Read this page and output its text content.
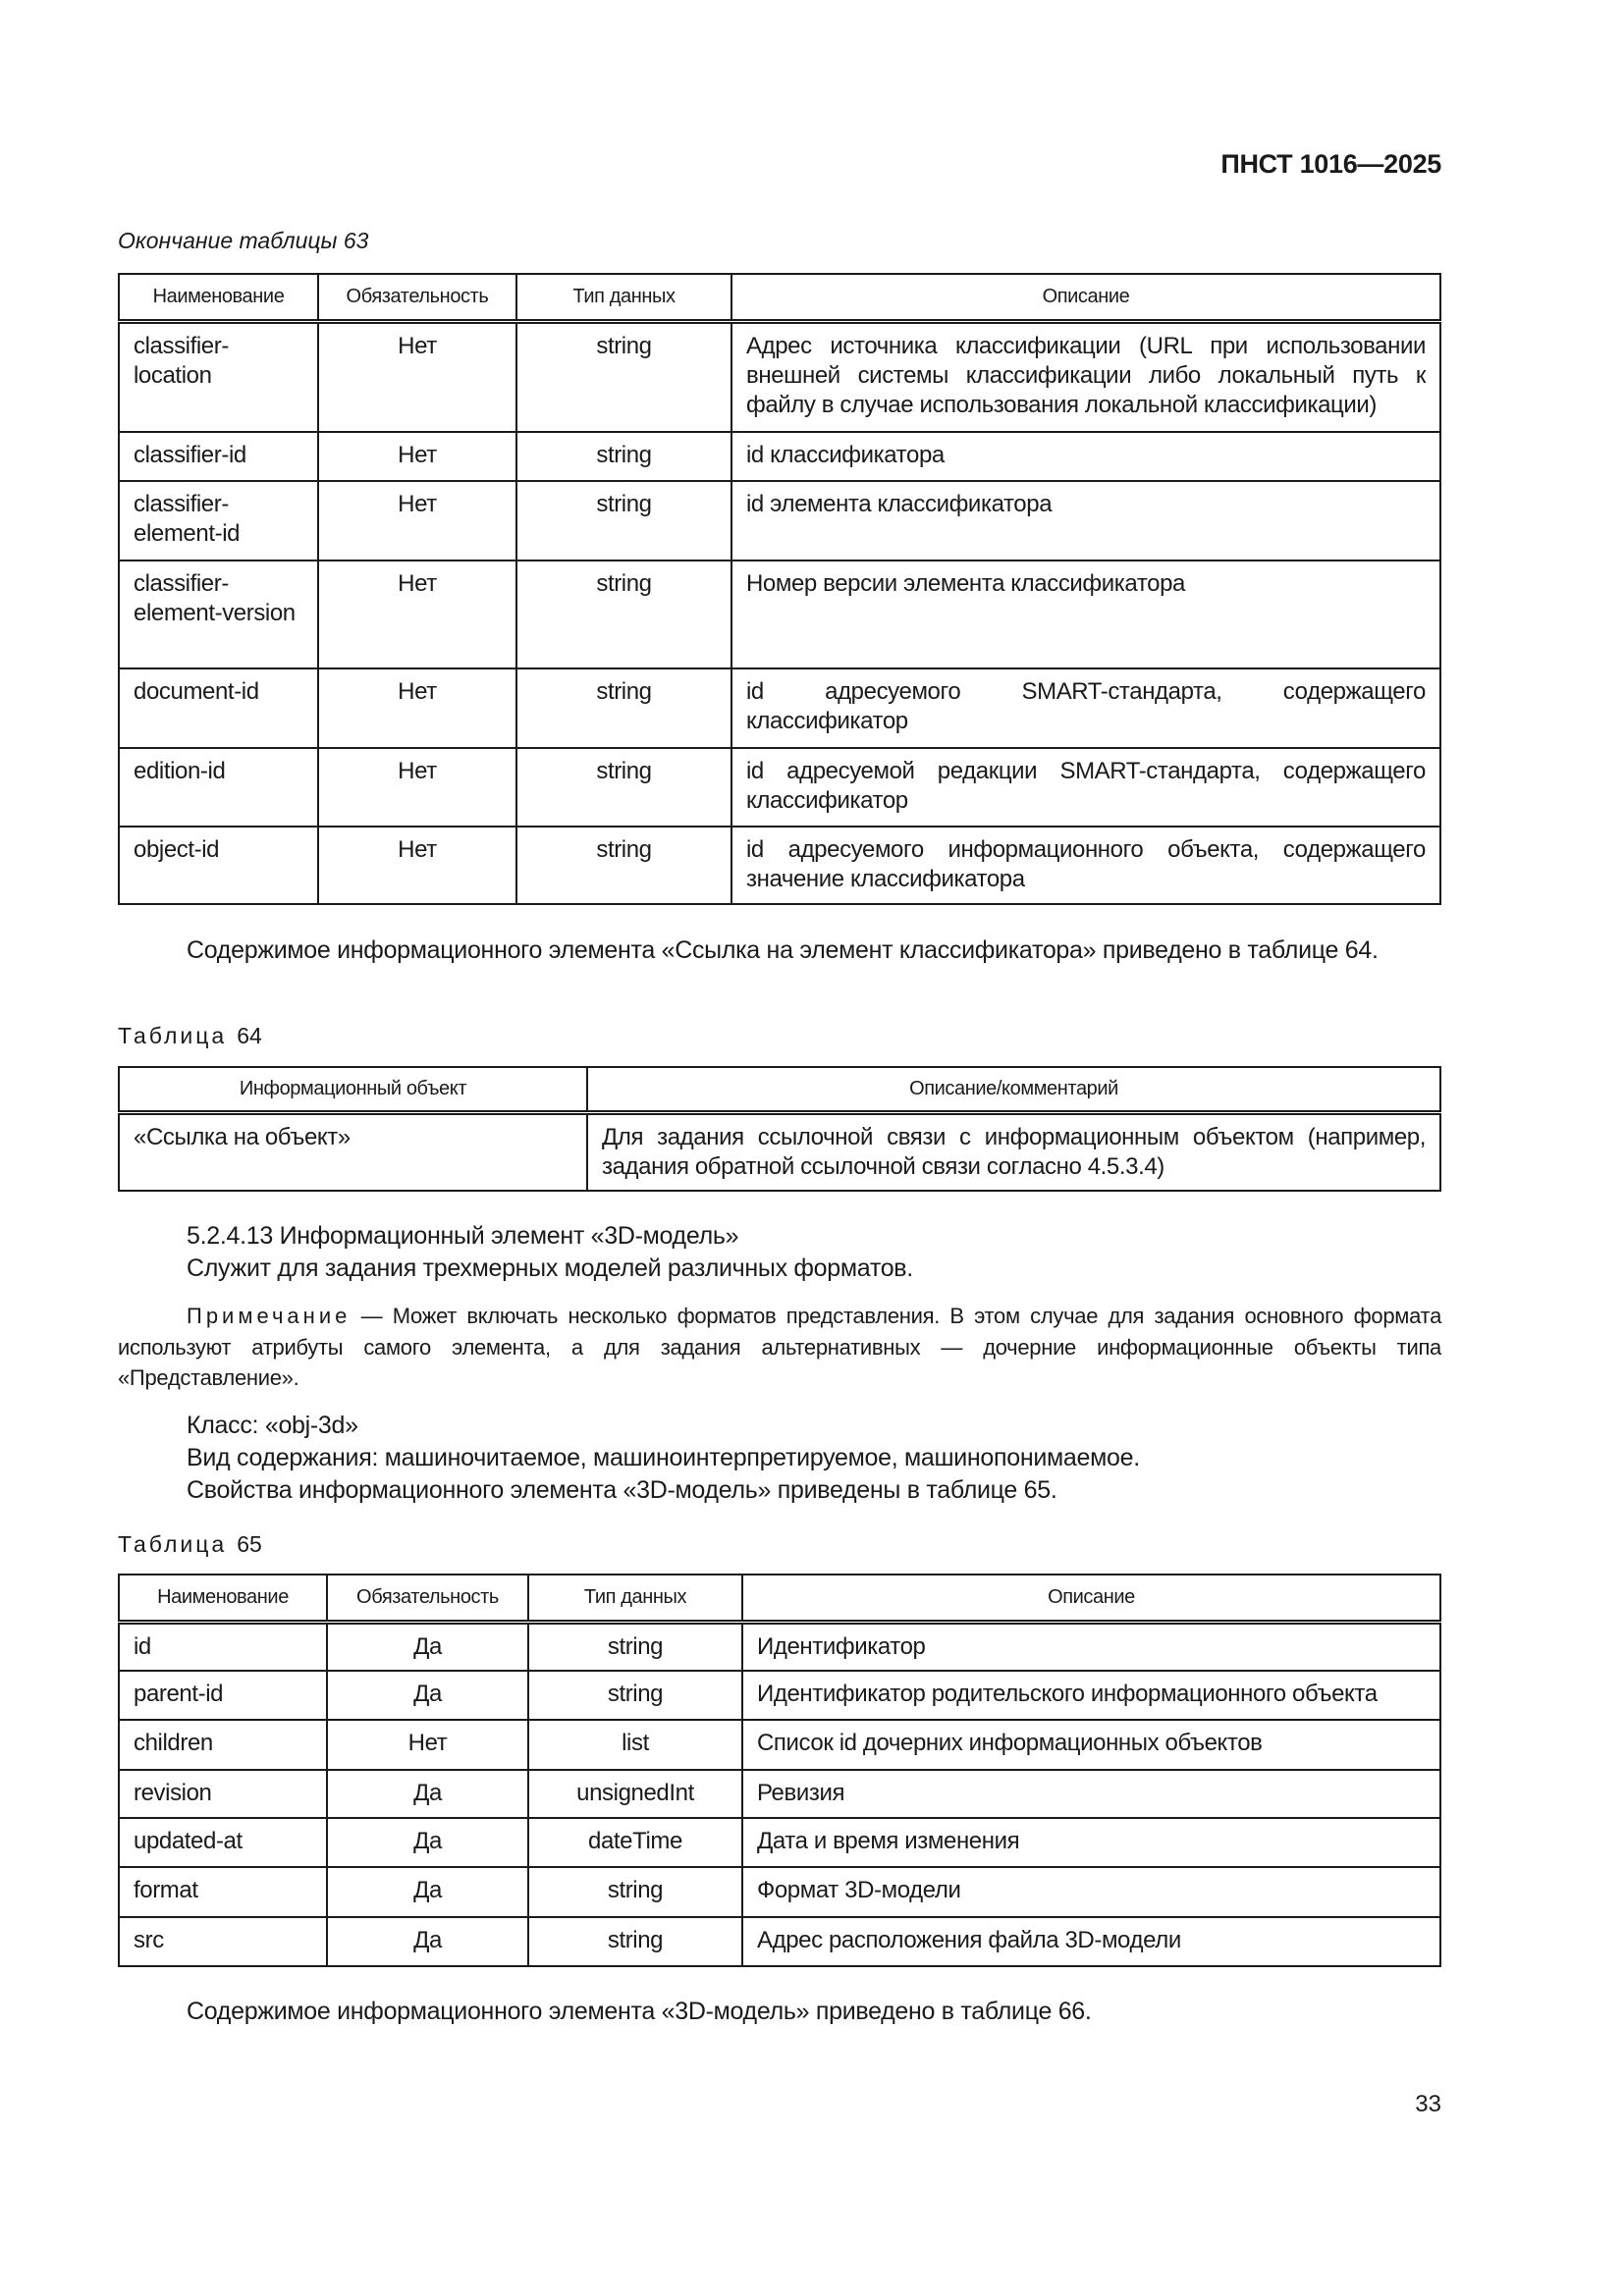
ПНСТ 1016—2025
Окончание таблицы 63
Наименование	Обязательность	Тип данных	Описание
classifier-location	Нет	string	Адрес источника классификации (URL при использовании внешней системы классификации либо локальный путь к файлу в случае использования локальной классификации)
classifier-id	Нет	string	id классификатора
classifier-element-id	Нет	string	id элемента классификатора
classifier-element-version	Нет	string	Номер версии элемента классификатора
document-id	Нет	string	id адресуемого SMART-стандарта, содержащего классификатор
edition-id	Нет	string	id адресуемой редакции SMART-стандарта, содержащего классификатор
object-id	Нет	string	id адресуемого информационного объекта, содержащего значение классификатора
Содержимое информационного элемента «Ссылка на элемент классификатора» приведено в таблице 64.
Таблица 64
Информационный объект	Описание/комментарий
«Ссылка на объект»	Для задания ссылочной связи с информационным объектом (например, задания обратной ссылочной связи согласно 4.5.3.4)
5.2.4.13 Информационный элемент «3D-модель»
Служит для задания трехмерных моделей различных форматов.
Примечание — Может включать несколько форматов представления. В этом случае для задания основного формата используют атрибуты самого элемента, а для задания альтернативных — дочерние информационные объекты типа «Представление».
Класс: «obj-3d»
Вид содержания: машиночитаемое, машиноинтерпретируемое, машинопонимаемое.
Свойства информационного элемента «3D-модель» приведены в таблице 65.
Таблица 65
Наименование	Обязательность	Тип данных	Описание
id	Да	string	Идентификатор
parent-id	Да	string	Идентификатор родительского информационного объекта
children	Нет	list	Список id дочерних информационных объектов
revision	Да	unsignedInt	Ревизия
updated-at	Да	dateTime	Дата и время изменения
format	Да	string	Формат 3D-модели
src	Да	string	Адрес расположения файла 3D-модели
Содержимое информационного элемента «3D-модель» приведено в таблице 66.
33
